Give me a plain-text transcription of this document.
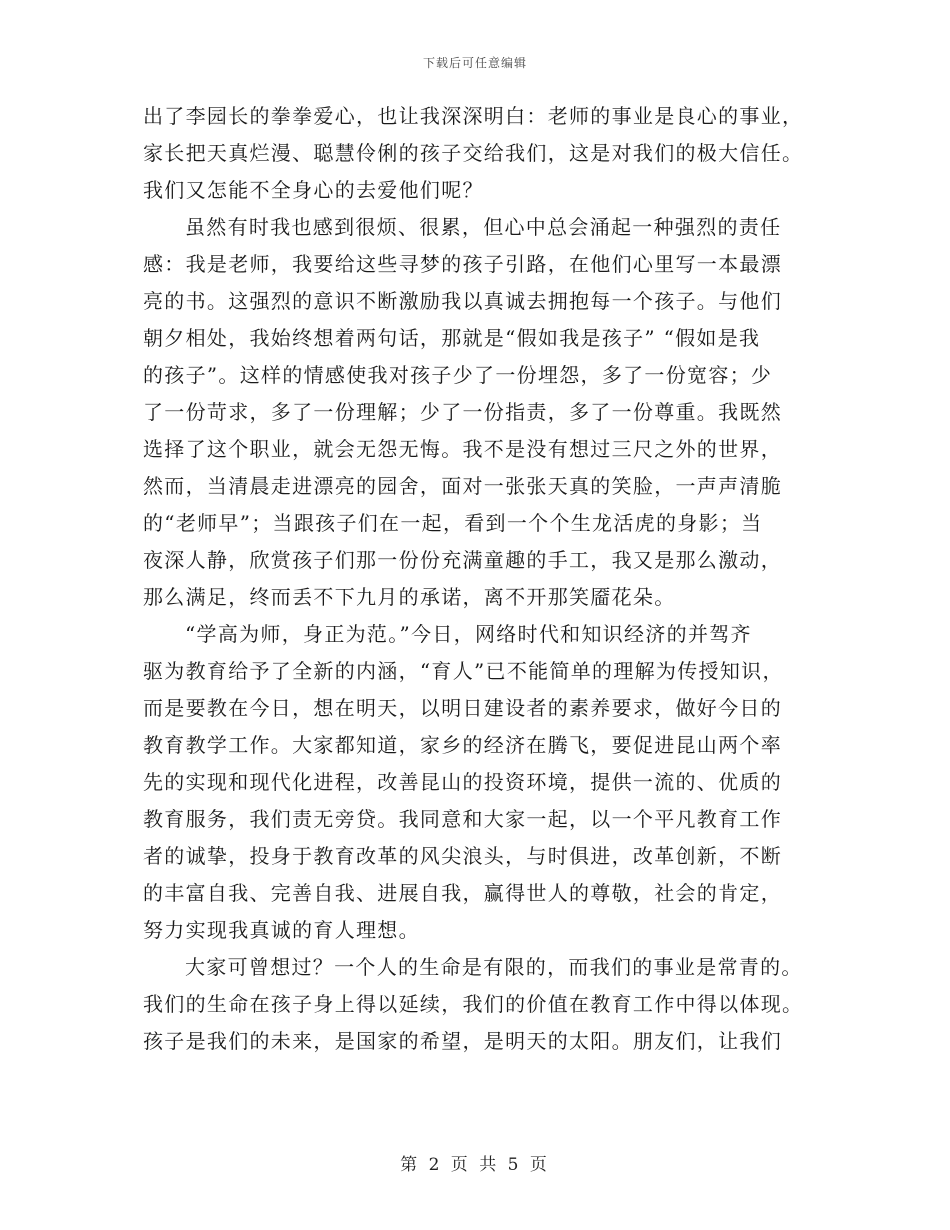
下载后可任意编辑
出了李园长的拳拳爱心，也让我深深明白：老师的事业是良心的事业，
家长把天真烂漫、聪慧伶俐的孩子交给我们，这是对我们的极大信任。
我们又怎能不全身心的去爱他们呢？
虽然有时我也感到很烦、很累，但心中总会涌起一种强烈的责任
感：我是老师，我要给这些寻梦的孩子引路，在他们心里写一本最漂
亮的书。这强烈的意识不断激励我以真诚去拥抱每一个孩子。与他们
朝夕相处，我始终想着两句话，那就是“假如我是孩子” “假如是我
的孩子”。这样的情感使我对孩子少了一份埋怨，多了一份宽容；少
了一份苛求，多了一份理解；少了一份指责，多了一份尊重。我既然
选择了这个职业，就会无怨无悔。我不是没有想过三尺之外的世界，
然而，当清晨走进漂亮的园舍，面对一张张天真的笑脸，一声声清脆
的“老师早”；当跟孩子们在一起，看到一个个生龙活虎的身影；当
夜深人静，欣赏孩子们那一份份充满童趣的手工，我又是那么激动，
那么满足，终而丢不下九月的承诺，离不开那笑靥花朵。
“学高为师，身正为范。”今日，网络时代和知识经济的并驾齐
驱为教育给予了全新的内涵，“育人”已不能简单的理解为传授知识，
而是要教在今日，想在明天，以明日建设者的素养要求，做好今日的
教育教学工作。大家都知道，家乡的经济在腾飞，要促进昆山两个率
先的实现和现代化进程，改善昆山的投资环境，提供一流的、优质的
教育服务，我们责无旁贷。我同意和大家一起，以一个平凡教育工作
者的诚挚，投身于教育改革的风尖浪头，与时俱进，改革创新，不断
的丰富自我、完善自我、进展自我，赢得世人的尊敬，社会的肯定，
努力实现我真诚的育人理想。
大家可曾想过？一个人的生命是有限的，而我们的事业是常青的。
我们的生命在孩子身上得以延续，我们的价值在教育工作中得以体现。
孩子是我们的未来，是国家的希望，是明天的太阳。朋友们，让我们
第 2 页 共 5 页
